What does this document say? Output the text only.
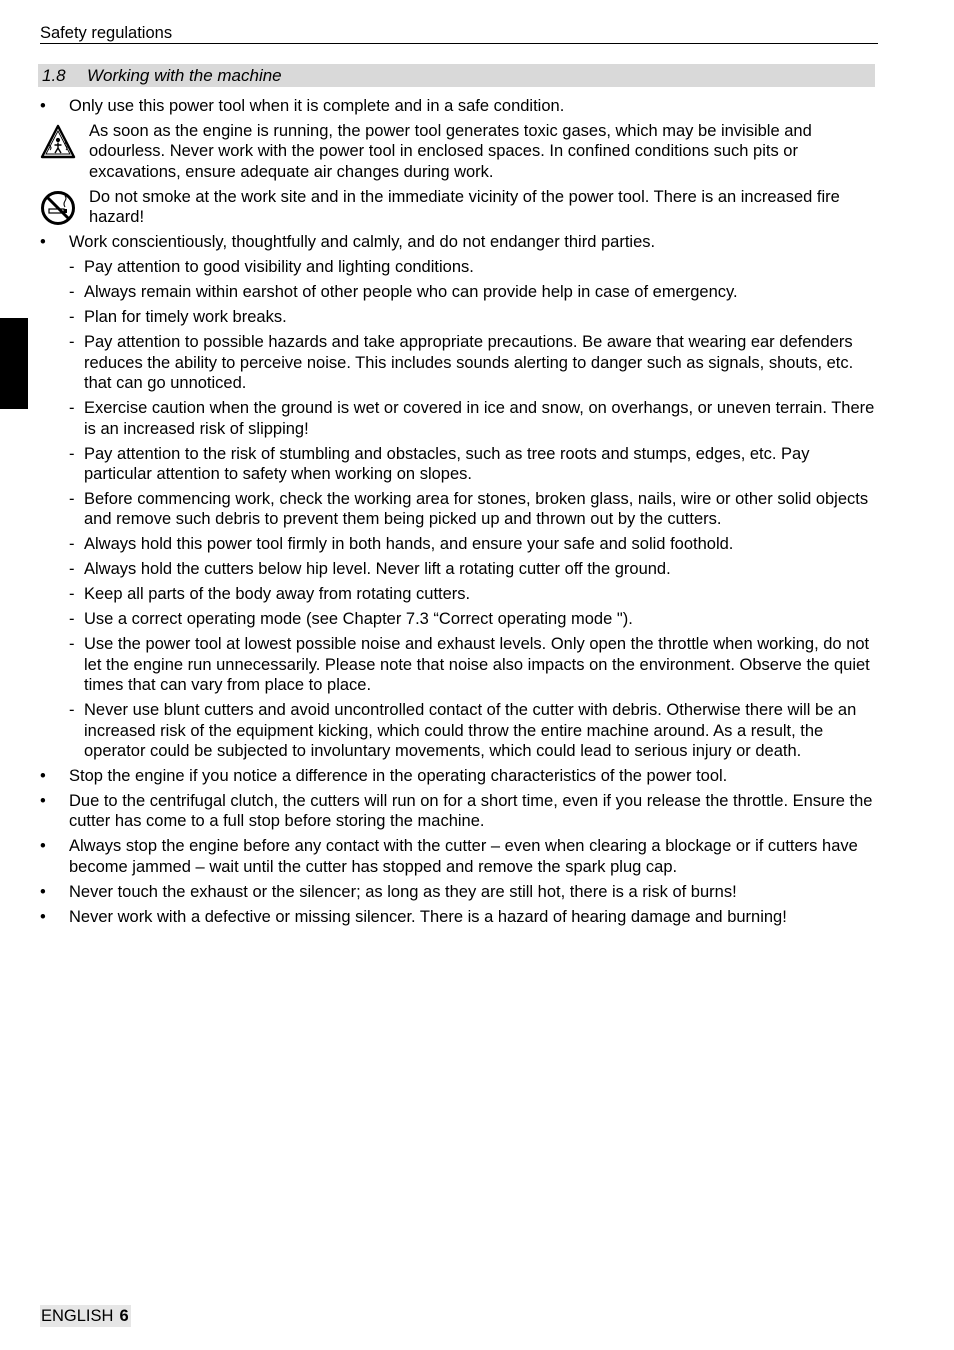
Safety regulations
1.8 Working with the machine
•	Only use this power tool when it is complete and in a safe condition.
As soon as the engine is running, the power tool generates toxic gases, which may be invisible and odourless. Never work with the power tool in enclosed spaces. In confined conditions such pits or excavations, ensure adequate air changes during work.
Do not smoke at the work site and in the immediate vicinity of the power tool. There is an increased fire hazard!
•	Work conscientiously, thoughtfully and calmly, and do not endanger third parties.
- Pay attention to good visibility and lighting conditions.
- Always remain within earshot of other people who can provide help in case of emergency.
- Plan for timely work breaks.
- Pay attention to possible hazards and take appropriate precautions. Be aware that wearing ear defenders reduces the ability to perceive noise. This includes sounds alerting to danger such as signals, shouts, etc. that can go unnoticed.
- Exercise caution when the ground is wet or covered in ice and snow, on overhangs, or uneven terrain. There is an increased risk of slipping!
- Pay attention to the risk of stumbling and obstacles, such as tree roots and stumps, edges, etc. Pay particular attention to safety when working on slopes.
- Before commencing work, check the working area for stones, broken glass, nails, wire or other solid objects and remove such debris to prevent them being picked up and thrown out by the cutters.
- Always hold this power tool firmly in both hands, and ensure your safe and solid foothold.
- Always hold the cutters below hip level. Never lift a rotating cutter off the ground.
- Keep all parts of the body away from rotating cutters.
- Use a correct operating mode (see Chapter 7.3 “Correct operating mode ").
- Use the power tool at lowest possible noise and exhaust levels. Only open the throttle when working, do not let the engine run unnecessarily. Please note that noise also impacts on the environment. Observe the quiet times that can vary from place to place.
- Never use blunt cutters and avoid uncontrolled contact of the cutter with debris. Otherwise there will be an increased risk of the equipment kicking, which could throw the entire machine around. As a result, the operator could be subjected to involuntary movements, which could lead to serious injury or death.
•	Stop the engine if you notice a difference in the operating characteristics of the power tool.
•	Due to the centrifugal clutch, the cutters will run on for a short time, even if you release the throttle. Ensure the cutter has come to a full stop before storing the machine.
•	Always stop the engine before any contact with the cutter – even when clearing a blockage or if cutters have become jammed – wait until the cutter has stopped and remove the spark plug cap.
•	Never touch the exhaust or the silencer; as long as they are still hot, there is a risk of burns!
•	Never work with a defective or missing silencer. There is a hazard of hearing damage and burning!
ENGLISH 6
